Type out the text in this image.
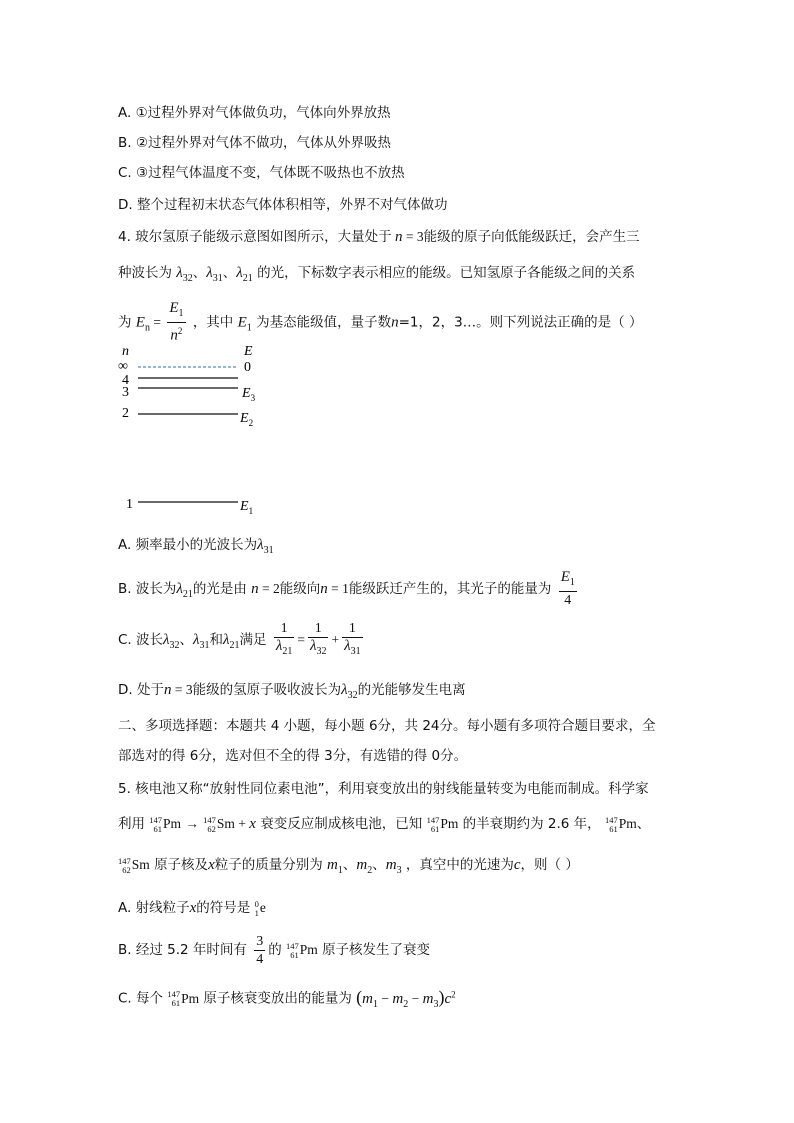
A. ①过程外界对气体做负功，气体向外界放热
B. ②过程外界对气体不做功，气体从外界吸热
C. ③过程气体温度不变，气体既不吸热也不放热
D. 整个过程初末状态气体体积相等，外界不对气体做功
4. 玻尔氢原子能级示意图如图所示，大量处于 n = 3能级的原子向低能级跃迁，会产生三
种波长为 $\lambda_{32}$、$\lambda_{31}$、$\lambda_{21}$ 的光，下标数字表示相应的能级。已知氢原子各能级之间的关系
为 $E_n = \frac{E_1}{n^2}$ ，其中 $E_1$ 为基态能级值，量子数n=1，2，3…。则下列说法正确的是（ ）
n	E
∞	0
4
3	$E_3$
2	$E_2$
1	$E_1$
A. 频率最小的光波长为$\lambda_{31}$
B. 波长为$\lambda_{21}$的光是由 n = 2能级向n = 1能级跃迁产生的，其光子的能量为 $\frac{E_1}{4}$
C. 波长$\lambda_{32}$、$\lambda_{31}$和$\lambda_{21}$满足 $\frac{1}{\lambda_{21}} = \frac{1}{\lambda_{32}} + \frac{1}{\lambda_{31}}$
D. 处于n = 3能级的氢原子吸收波长为$\lambda_{32}$的光能够发生电离
二、多项选择题：本题共 4 小题，每小题 6分，共 24分。每小题有多项符合题目要求，全
部选对的得 6分，选对但不全的得 3分，有选错的得 0分。
5. 核电池又称“放射性同位素电池”，利用衰变放出的射线能量转变为电能而制成。科学家
利用 147
61 Pm → 147
62 Sm + x 衰变反应制成核电池，已知 147
61 Pm 的半衰期约为 2.6 年， 147
61 Pm、
147
62 Sm 原子核及x粒子的质量分别为 $m_1$、$m_2$、$m_3$ ，真空中的光速为c，则（ ）
A. 射线粒子x的符号是 0
1 e
B. 经过 5.2 年时间有 $\frac{3}{4}$ 的 147
61 Pm 原子核发生了衰变
C. 每个 147
61 Pm 原子核衰变放出的能量为 $(m_1 - m_2 - m_3)c^2$
